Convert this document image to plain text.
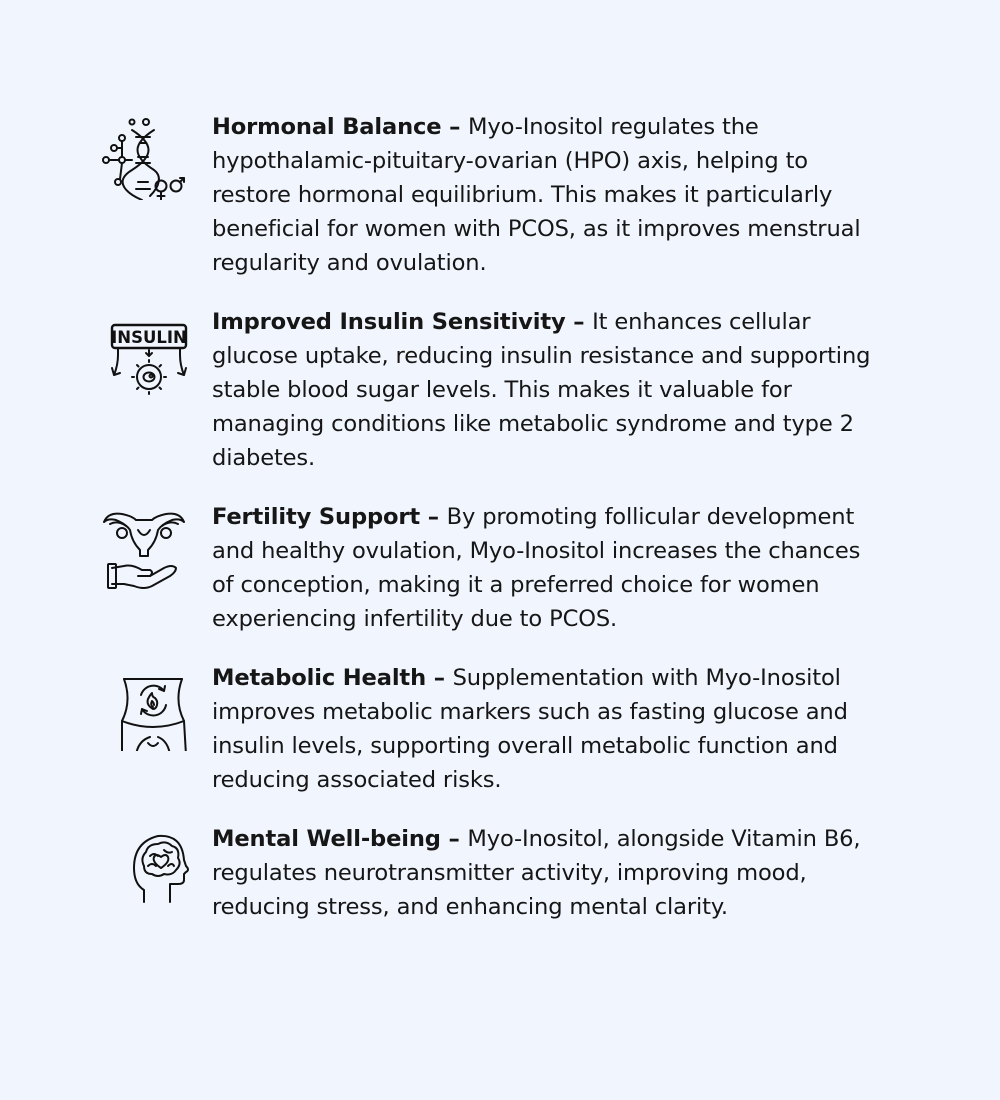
Hormonal Balance – Myo-Inositol regulates the hypothalamic-pituitary-ovarian (HPO) axis, helping to restore hormonal equilibrium. This makes it particularly beneficial for women with PCOS, as it improves menstrual regularity and ovulation.

INSULIN

Improved Insulin Sensitivity – It enhances cellular glucose uptake, reducing insulin resistance and supporting stable blood sugar levels. This makes it valuable for managing conditions like metabolic syndrome and type 2 diabetes.

Fertility Support – By promoting follicular development and healthy ovulation, Myo-Inositol increases the chances of conception, making it a preferred choice for women experiencing infertility due to PCOS.

Metabolic Health – Supplementation with Myo-Inositol improves metabolic markers such as fasting glucose and insulin levels, supporting overall metabolic function and reducing associated risks.

Mental Well-being – Myo-Inositol, alongside Vitamin B6, regulates neurotransmitter activity, improving mood, reducing stress, and enhancing mental clarity.
